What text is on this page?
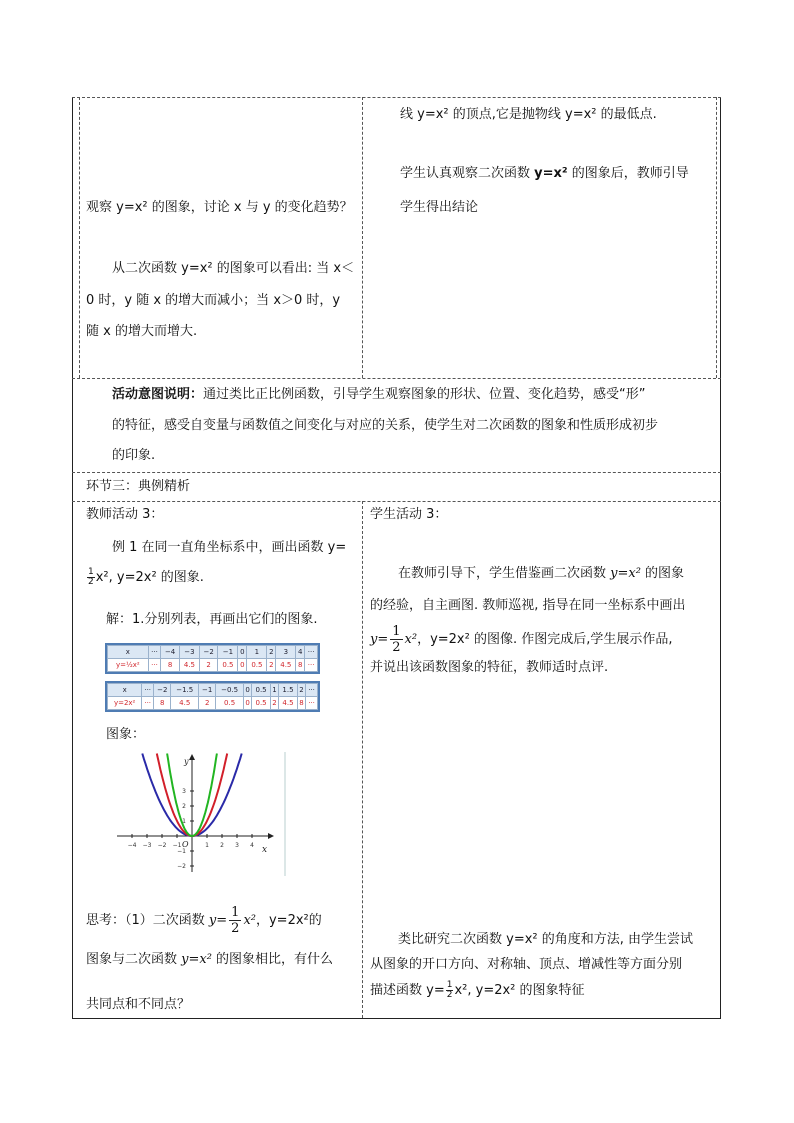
线 y=x² 的顶点,它是抛物线 y=x² 的最低点.
学生认真观察二次函数 y=x² 的图象后，教师引导
学生得出结论
观察 y=x² 的图象，讨论 x 与 y 的变化趋势？
从二次函数 y=x² 的图象可以看出: 当 x＜
0 时，y 随 x 的增大而减小；当 x＞0 时，y
随 x 的增大而增大.
活动意图说明：通过类比正比例函数，引导学生观察图象的形状、位置、变化趋势，感受“形”
的特征，感受自变量与函数值之间变化与对应的关系，使学生对二次函数的图象和性质形成初步
的印象.
环节三：典例精析
教师活动 3：
例 1 在同一直角坐标系中，画出函数 y=
$\frac{1}{2} x^2$, y=2x² 的图象.
解：1.分别列表，再画出它们的图象.
x	···	−4	−3	−2	−1	0	1	2	3	4	···
y=½x²	···	8	4.5	2	0.5	0	0.5	2	4.5	8	···
x	···	−2	−1.5	−1	−0.5	0	0.5	1	1.5	2	···
y=2x²	···	8	4.5	2	0.5	0	0.5	2	4.5	8	···
图象：
−4 −3 −2 −1	1 2 3 4
3
2
1
−1
−2
y
x
O
思考：（1）二次函数 $y= \frac{1}{2} x^2$，y=2x²的
图象与二次函数 y=x² 的图象相比，有什么
共同点和不同点？
学生活动 3：
在教师引导下，学生借鉴画二次函数 y=x² 的图象
的经验，自主画图. 教师巡视, 指导在同一坐标系中画出
$y= \frac{1}{2} x^2$，y=2x² 的图像. 作图完成后,学生展示作品,
并说出该函数图象的特征，教师适时点评.
类比研究二次函数 y=x² 的角度和方法, 由学生尝试
从图象的开口方向、对称轴、顶点、增减性等方面分别
描述函数 $y= \frac{1}{2} x^2$, y=2x² 的图象特征
